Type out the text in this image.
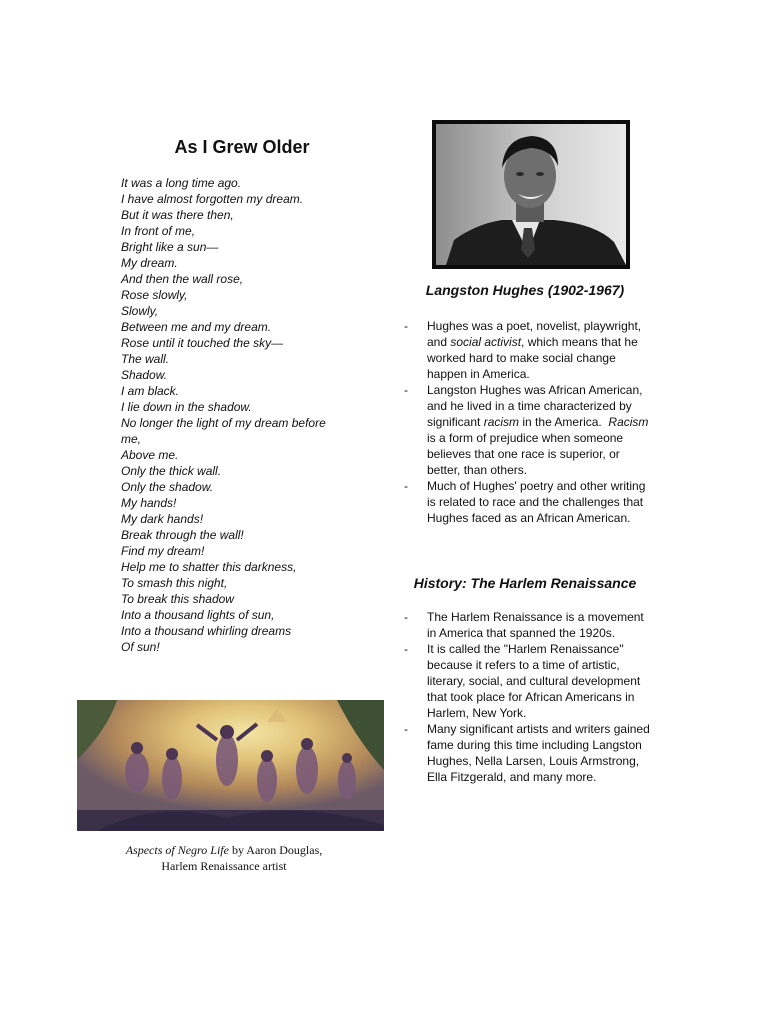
As I Grew Older
It was a long time ago.
I have almost forgotten my dream.
But it was there then,
In front of me,
Bright like a sun—
My dream.
And then the wall rose,
Rose slowly,
Slowly,
Between me and my dream.
Rose until it touched the sky—
The wall.
Shadow.
I am black.
I lie down in the shadow.
No longer the light of my dream before
me,
Above me.
Only the thick wall.
Only the shadow.
My hands!
My dark hands!
Break through the wall!
Find my dream!
Help me to shatter this darkness,
To smash this night,
To break this shadow
Into a thousand lights of sun,
Into a thousand whirling dreams
Of sun!
Langston Hughes (1902-1967)
- Hughes was a poet, novelist, playwright, and social activist, which means that he worked hard to make social change happen in America.
- Langston Hughes was African American, and he lived in a time characterized by significant racism in the America.  Racism is a form of prejudice when someone believes that one race is superior, or better, than others.
- Much of Hughes' poetry and other writing is related to race and the challenges that Hughes faced as an African American.
History: The Harlem Renaissance
- The Harlem Renaissance is a movement in America that spanned the 1920s.
- It is called the "Harlem Renaissance" because it refers to a time of artistic, literary, social, and cultural development that took place for African Americans in Harlem, New York.
- Many significant artists and writers gained fame during this time including Langston Hughes, Nella Larsen, Louis Armstrong, Ella Fitzgerald, and many more.

Aspects of Negro Life by Aaron Douglas,
Harlem Renaissance artist
